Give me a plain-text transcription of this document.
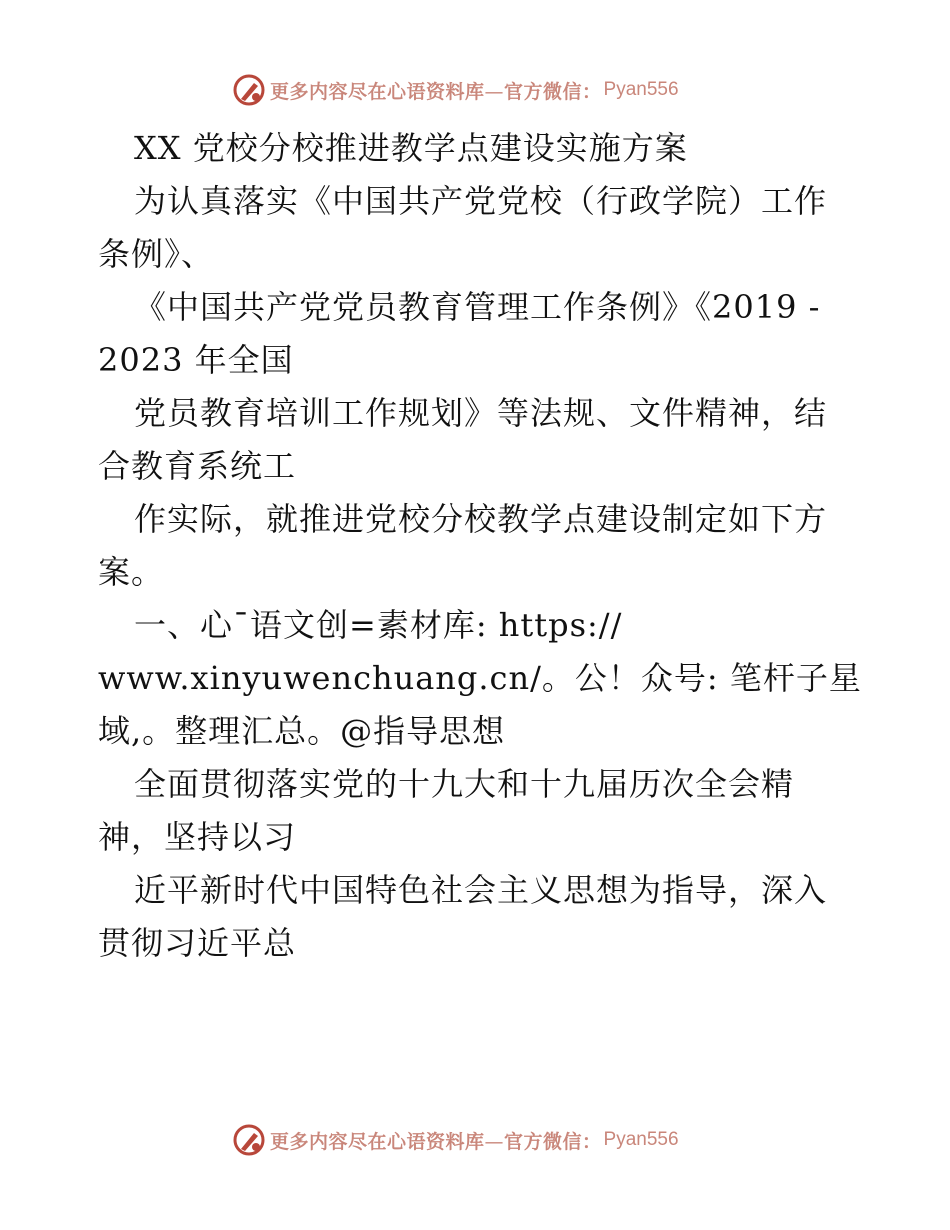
更多内容尽在心语资料库—官方微信： Pyan556
XX 党校分校推进教学点建设实施方案
为认真落实《中国共产党党校（行政学院）工作
条例》、
《中国共产党党员教育管理工作条例》《2019 -
2023 年全国
党员教育培训工作规划》等法规、文件精神，结
合教育系统工
作实际，就推进党校分校教学点建设制定如下方
案。
一、心¯语文创=素材库: https://
www.xinyuwenchuang.cn/。公！众号: 笔杆子星
域,。整理汇总。@指导思想
全面贯彻落实党的十九大和十九届历次全会精
神，坚持以习
近平新时代中国特色社会主义思想为指导，深入
贯彻习近平总
更多内容尽在心语资料库—官方微信： Pyan556
